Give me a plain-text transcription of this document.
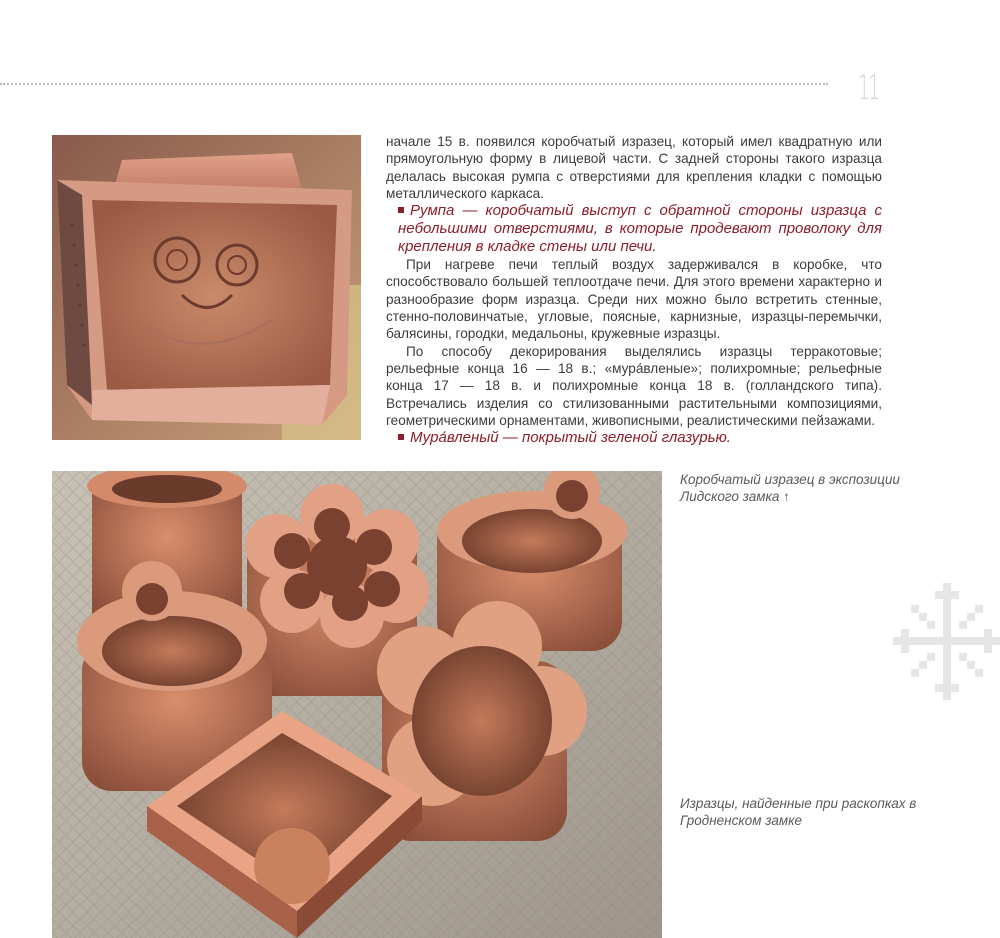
11

начале 15 в. появился коробчатый изразец, который имел квадратную или прямоугольную форму в лицевой части. С задней стороны такого изразца делалась высокая румпа с отверстиями для крепления кладки с помощью металлического каркаса.

Румпа — коробчатый выступ с обратной стороны изразца с небольшими отверстиями, в которые продевают проволоку для крепления в кладке стены или печи.

При нагреве печи теплый воздух задерживался в коробке, что способствовало большей теплоотдаче печи. Для этого времени характерно и разнообразие форм изразца. Среди них можно было встретить стенные, стенно-половинчатые, угловые, поясные, карнизные, изразцы-перемычки, балясины, городки, медальоны, кружевные изразцы.

По способу декорирования выделялись изразцы терракотовые; рельефные конца 16 — 18 в.; «мура́вленые»; полихромные; рельефные конца 17 — 18 в. и полихромные конца 18 в. (голландского типа). Встречались изделия со стилизованными растительными композициями, геометрическими орнаментами, живописными, реалистическими пейзажами.

Мура́вленый — покрытый зеленой глазурью.

Коробчатый изразец в экспозиции Лидского замка ↑
Изразцы, найденные при раскопках в Гродненском замке
